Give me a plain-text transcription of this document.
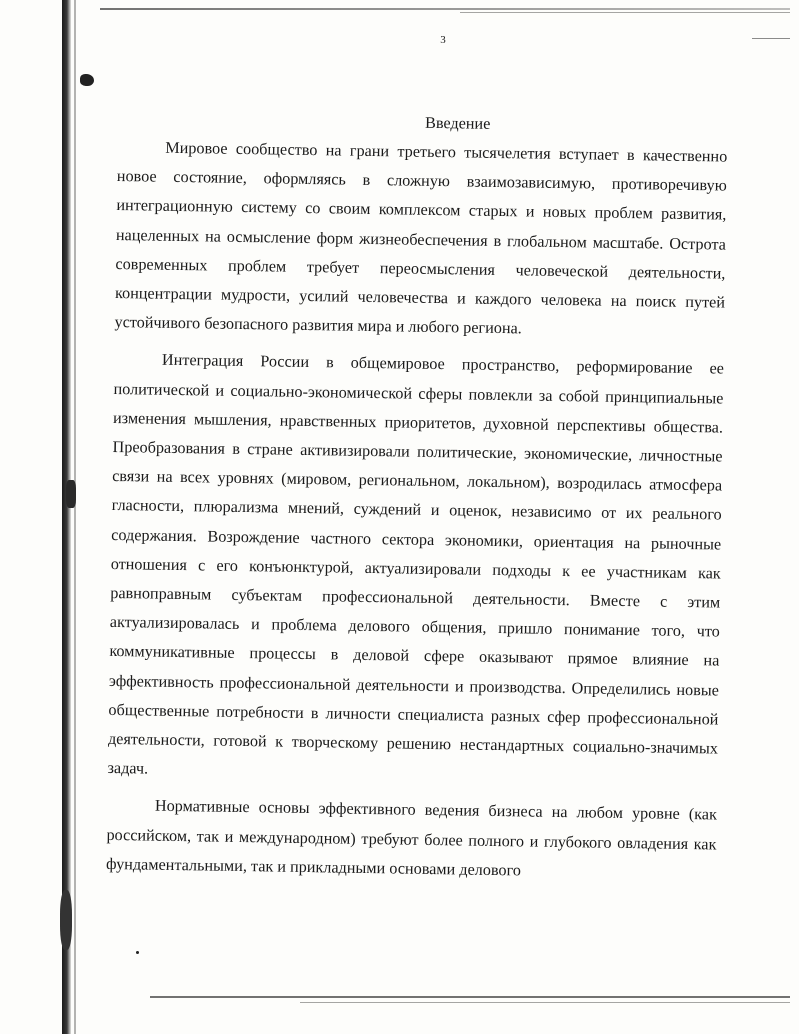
3
Введение

Мировое сообщество на грани третьего тысячелетия вступает в качественно новое состояние, оформляясь в сложную взаимозависимую, противоречивую интеграционную систему со своим комплексом старых и новых проблем развития, нацеленных на осмысление форм жизнеобеспечения в глобальном масштабе. Острота современных проблем требует переосмысления человеческой деятельности, концентрации мудрости, усилий человечества и каждого человека на поиск путей устойчивого безопасного развития мира и любого региона.

Интеграция России в общемировое пространство, реформирование ее политической и социально-экономической сферы повлекли за собой принципиальные изменения мышления, нравственных приоритетов, духовной перспективы общества. Преобразования в стране активизировали политические, экономические, личностные связи на всех уровнях (мировом, региональном, локальном), возродилась атмосфера гласности, плюрализма мнений, суждений и оценок, независимо от их реального содержания. Возрождение частного сектора экономики, ориентация на рыночные отношения с его конъюнктурой, актуализировали подходы к ее участникам как равноправным субъектам профессиональной деятельности. Вместе с этим актуализировалась и проблема делового общения, пришло понимание того, что коммуникативные процессы в деловой сфере оказывают прямое влияние на эффективность профессиональной деятельности и производства. Определились новые общественные потребности в личности специалиста разных сфер профессиональной деятельности, готовой к творческому решению нестандартных социально-значимых задач.

Нормативные основы эффективного ведения бизнеса на любом уровне (как российском, так и международном) требуют более полного и глубокого овладения как фундаментальными, так и прикладными основами делового
